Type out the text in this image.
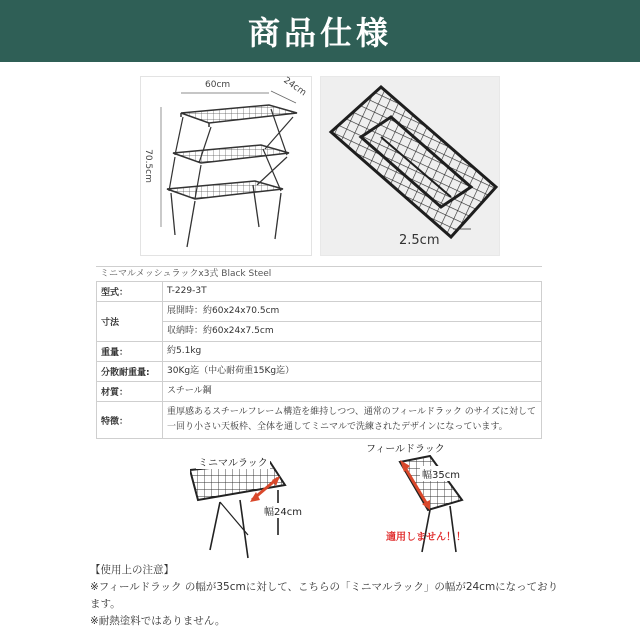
商品仕様
60cm	24cm
70.5cm
2.5cm
ミニマルメッシュラックx3式 Black Steel
型式：	T-229-3T
寸法	展開時：約60x24x70.5cm
	収納時：約60x24x7.5cm
重量：	約5.1kg
分散耐重量:	30Kg迄（中心耐荷重15Kg迄）
材質：	スチール鋼
特徴：	重厚感あるスチールフレーム構造を維持しつつ、通常のフィールドラック のサイズに対して一回り小さい天板枠、全体を通してミニマルで洗練されたデザインになっています。
ミニマルラック
幅24cm
フィールドラック
幅35cm
適用しません！！
【使用上の注意】
※フィールドラック の幅が35cmに対して、こちらの「ミニマルラック」の幅が24cmになっております。
※耐熱塗料ではありません。
